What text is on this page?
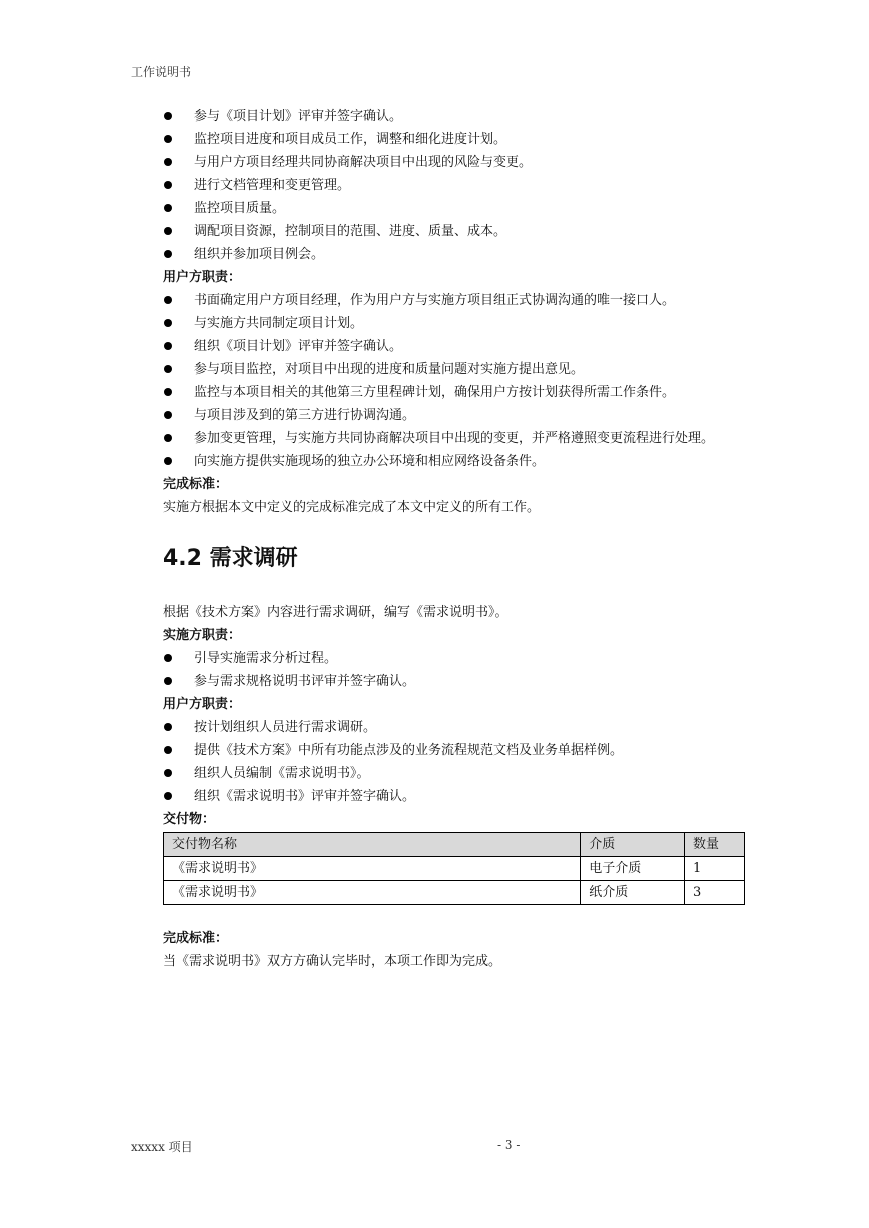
工作说明书
参与《项目计划》评审并签字确认。
监控项目进度和项目成员工作，调整和细化进度计划。
与用户方项目经理共同协商解决项目中出现的风险与变更。
进行文档管理和变更管理。
监控项目质量。
调配项目资源，控制项目的范围、进度、质量、成本。
组织并参加项目例会。
用户方职责：
书面确定用户方项目经理，作为用户方与实施方项目组正式协调沟通的唯一接口人。
与实施方共同制定项目计划。
组织《项目计划》评审并签字确认。
参与项目监控，对项目中出现的进度和质量问题对实施方提出意见。
监控与本项目相关的其他第三方里程碑计划，确保用户方按计划获得所需工作条件。
与项目涉及到的第三方进行协调沟通。
参加变更管理，与实施方共同协商解决项目中出现的变更，并严格遵照变更流程进行处理。
向实施方提供实施现场的独立办公环境和相应网络设备条件。
完成标准：

实施方根据本文中定义的完成标准完成了本文中定义的所有工作。

4.2 需求调研

根据《技术方案》内容进行需求调研，编写《需求说明书》。

实施方职责：
引导实施需求分析过程。
参与需求规格说明书评审并签字确认。
用户方职责：
按计划组织人员进行需求调研。
提供《技术方案》中所有功能点涉及的业务流程规范文档及业务单据样例。
组织人员编制《需求说明书》。
组织《需求说明书》评审并签字确认。
交付物：
交付物名称	介质	数量
《需求说明书》	电子介质	1
《需求说明书》	纸介质	3
完成标准：

当《需求说明书》双方方确认完毕时，本项工作即为完成。

xxxxx 项目	- 3 -
